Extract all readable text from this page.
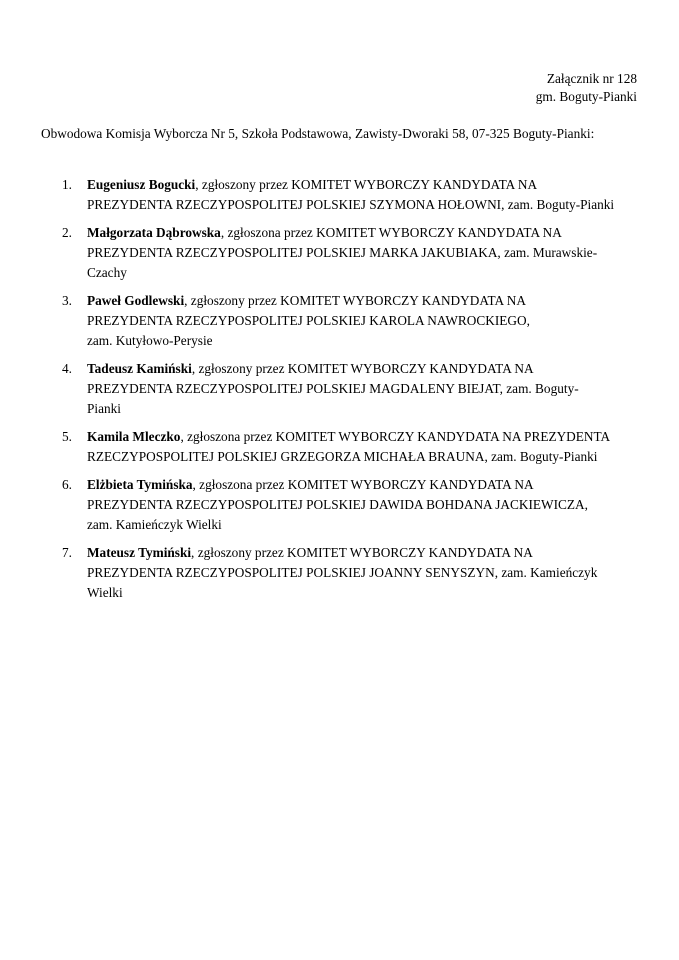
Załącznik nr 128
gm. Boguty-Pianki
Obwodowa Komisja Wyborcza Nr 5, Szkoła Podstawowa, Zawisty-Dworaki 58, 07-325 Boguty-Pianki:
1. Eugeniusz Bogucki, zgłoszony przez KOMITET WYBORCZY KANDYDATA NA
PREZYDENTA RZECZYPOSPOLITEJ POLSKIEJ SZYMONA HOŁOWNI, zam. Boguty-Pianki
2. Małgorzata Dąbrowska, zgłoszona przez KOMITET WYBORCZY KANDYDATA NA
PREZYDENTA RZECZYPOSPOLITEJ POLSKIEJ MARKA JAKUBIAKA, zam. Murawskie-
Czachy
3. Paweł Godlewski, zgłoszony przez KOMITET WYBORCZY KANDYDATA NA
PREZYDENTA RZECZYPOSPOLITEJ POLSKIEJ KAROLA NAWROCKIEGO,
zam. Kutyłowo-Perysie
4. Tadeusz Kamiński, zgłoszony przez KOMITET WYBORCZY KANDYDATA NA
PREZYDENTA RZECZYPOSPOLITEJ POLSKIEJ MAGDALENY BIEJAT, zam. Boguty-
Pianki
5. Kamila Mleczko, zgłoszona przez KOMITET WYBORCZY KANDYDATA NA PREZYDENTA
RZECZYPOSPOLITEJ POLSKIEJ GRZEGORZA MICHAŁA BRAUNA, zam. Boguty-Pianki
6. Elżbieta Tymińska, zgłoszona przez KOMITET WYBORCZY KANDYDATA NA
PREZYDENTA RZECZYPOSPOLITEJ POLSKIEJ DAWIDA BOHDANA JACKIEWICZA,
zam. Kamieńczyk Wielki
7. Mateusz Tymiński, zgłoszony przez KOMITET WYBORCZY KANDYDATA NA
PREZYDENTA RZECZYPOSPOLITEJ POLSKIEJ JOANNY SENYSZYN, zam. Kamieńczyk
Wielki
